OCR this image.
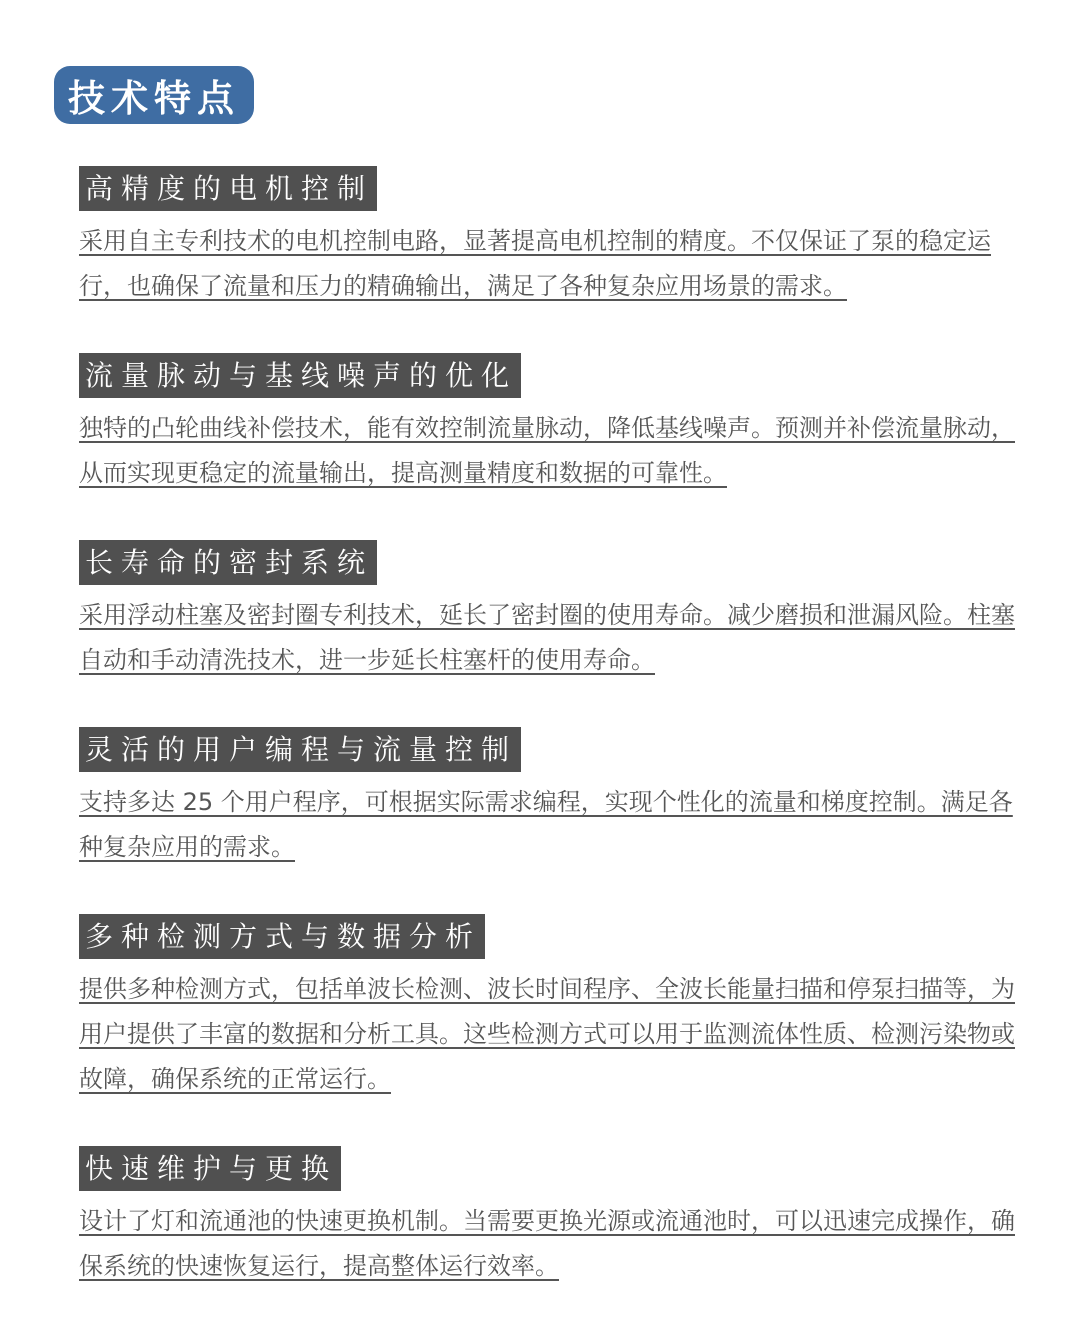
技术特点
高精度的电机控制

采用自主专利技术的电机控制电路，显著提高电机控制的精度。不仅保证了泵的稳定运行，也确保了流量和压力的精确输出，满足了各种复杂应用场景的需求。

流量脉动与基线噪声的优化

独特的凸轮曲线补偿技术，能有效控制流量脉动，降低基线噪声。预测并补偿流量脉动，从而实现更稳定的流量输出，提高测量精度和数据的可靠性。

长寿命的密封系统

采用浮动柱塞及密封圈专利技术，延长了密封圈的使用寿命。减少磨损和泄漏风险。柱塞自动和手动清洗技术，进一步延长柱塞杆的使用寿命。

灵活的用户编程与流量控制

支持多达 25 个用户程序，可根据实际需求编程，实现个性化的流量和梯度控制。满足各种复杂应用的需求。

多种检测方式与数据分析

提供多种检测方式，包括单波长检测、波长时间程序、全波长能量扫描和停泵扫描等，为用户提供了丰富的数据和分析工具。这些检测方式可以用于监测流体性质、检测污染物或故障，确保系统的正常运行。

快速维护与更换

设计了灯和流通池的快速更换机制。当需要更换光源或流通池时，可以迅速完成操作，确保系统的快速恢复运行，提高整体运行效率。
